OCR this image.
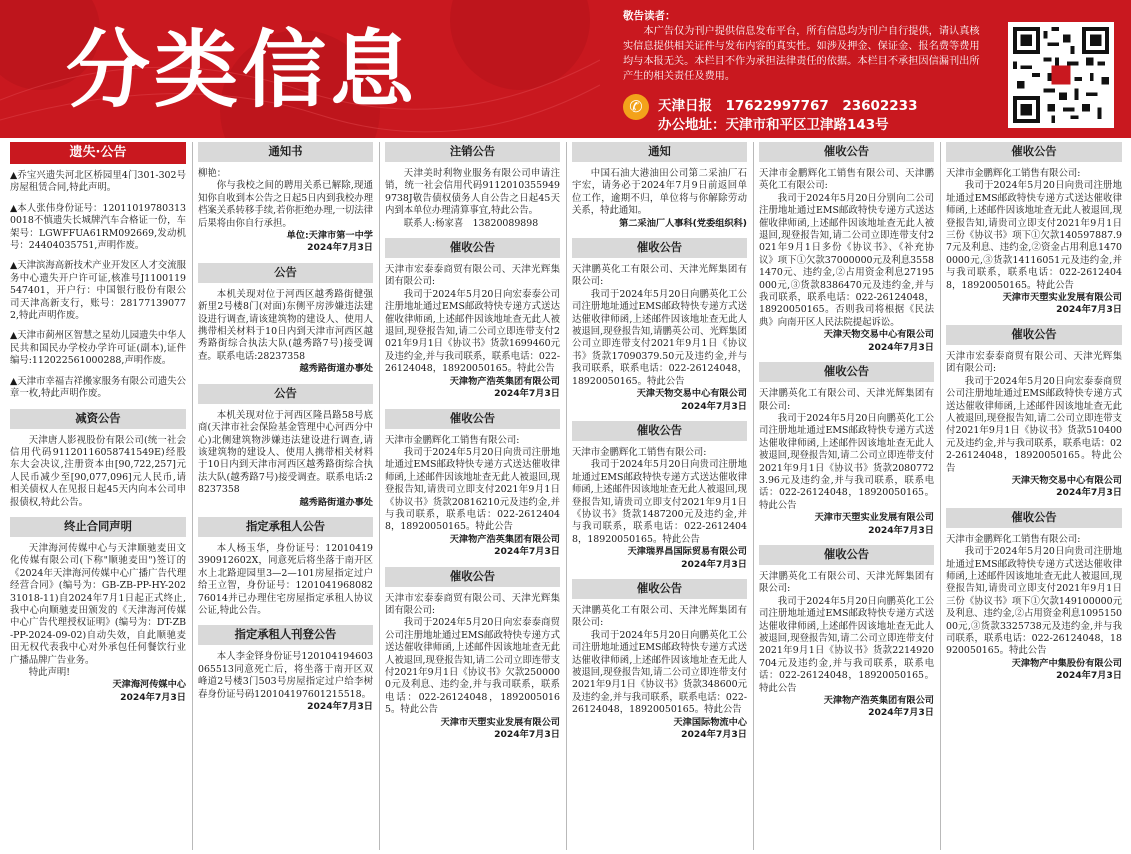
分类信息
敬告读者：
本广告仅为刊户提供信息发布平台，所有信息均为刊户自行提供，请认真核实信息提供相关证件与发布内容的真实性。如涉及押金、保证金、报名费等费用均与本报无关。本栏目不作为承担法律责任的依据。本栏目不承担因信漏刊出所产生的相关责任及费用。
✆	天津日报　17622997767　23602233
办公地址：天津市和平区卫津路143号
遗失·公告
▲乔宝兴遗失河北区桥园里4门301-302号房屋租赁合同,特此声明。
▲本人张伟身份证号：120110197803130018不慎遗失长城牌汽车合格证一份，车架号：LGWFFUA61RM092669,发动机号：24404035751,声明作废。
▲天津滨海高新技术产业开发区人才交流服务中心遗失开户许可证,核准号J1100119547401，开户行：中国银行股份有限公司天津高新支行，账号：281771390772,特此声明作废。
▲天津市蓟州区智慧之星幼儿园遗失中华人民共和国民办学校办学许可证(副本),证件编号:112022561000288,声明作废。
▲天津市幸福吉祥搬家服务有限公司遗失公章一枚,特此声明作废。
减资公告
天津唐人影视股份有限公司(统一社会信用代码91120116058741549E)经股东大会决议,注册资本由[90,722,257]元人民币减少至[90,077,096]元人民币,请相关债权人在见报日起45天内向本公司申报债权,特此公告。
终止合同声明
天津海河传媒中心与天津顺驰麦田文化传媒有限公司(下称"顺驰麦田")签订的《2024年天津海河传媒中心广播广告代理经营合同》(编号为：GB-ZB-PP-HY-20231018-11)自2024年7月1日起正式终止,我中心向顺驰麦田颁发的《天津海河传媒中心广告代理授权证明》(编号为：DT-ZB-PP-2024-09-02)自动失效，自此顺驰麦田无权代表我中心对外承包任何餐饮行业广播品牌广告业务。
特此声明!
天津海河传媒中心
2024年7月3日
通知书
柳艳：
你与我校之间的聘用关系已解除,现通知你自收到本公告之日起5日内到我校办理档案关系转移手续,若你拒绝办理,一切法律后果将由你自行承担。
单位:天津市第一中学
2024年7月3日
公告
本机关现对位于河西区越秀路街健强新里2号楼8门(对面)东侧平房涉嫌违法建设进行调查,请该建筑物的建设人、使用人携带相关材料于10日内到天津市河西区越秀路街综合执法大队(越秀路7号)接受调查。联系电话:28237358
越秀路街道办事处
公告
本机关现对位于河西区隆昌路58号底商(天津市社会保险基金管理中心河西分中心)北侧建筑物涉嫌违法建设进行调查,请该建筑物的建设人、使用人携带相关材料于10日内到天津市河西区越秀路街综合执法大队(越秀路7号)接受调查。联系电话:28237358
越秀路街道办事处
指定承租人公告
本人杨玉华，身份证号：120104193909126​02X，同意死后将坐落于南开区水上北路迎园里3—2—101房屋指定过户给王立智，身份证号：120104196808276014并已办理住宅房屋指定承租人协议公证,特此公告。
指定承租人刊登公告
本人李金铎身份证号120104194603065513同意死亡后，将坐落于南开区双峰道2号楼3门503号房屋指定过户给李树春身份证号码120104197601215518。
2024年7月3日
注销公告
天津美时利物业服务有限公司申请注销，统一社会信用代码91120103559499738J敬告债权债务人自公告之日起45天内到本单位办理清算事宜,特此公告。
联系人:杨家喜　13820089898
催收公告
天津市宏泰泰商贸有限公司、天津光辉集团有限公司:
我司于2024年5月20日向宏泰泰公司注册地址通过EMS邮政特快专递方式送达催收律师函,上述邮件因该地址查无此人被退回,现登报告知,请二公司立即连带支付2021年9月1日《协议书》货款1699460元及违约金,并与我司联系，联系电话：022-26124048，18920050165。特此公告
天津物产浩英集团有限公司
2024年7月3日
催收公告
天津市金鹏辉化工销售有限公司:
我司于2024年5月20日向贵司注册地址通过EMS邮政特快专递方式送达催收律师函,上述邮件因该地址查无此人被退回,现登报告知,请贵司立即支付2021年9月1日《协议书》货款20816210元及违约金,并与我司联系，联系电话：022-26124048，18920050165。特此公告
天津物产浩英集团有限公司
2024年7月3日
催收公告
天津市宏泰泰商贸有限公司、天津光辉集团有限公司:
我司于2024年5月20日向宏泰泰商贸公司注册地址通过EMS邮政特快专递方式送达催收律师函,上述邮件因该地址查无此人被退回,现登报告知,请二公司立即连带支付2021年9月1日《协议书》欠款2500000元及利息、违约金,并与我司联系，联系电话：022-26124048，18920050165。特此公告
天津市天塑实业发展有限公司
2024年7月3日
通知
中国石油大港油田公司第二采油厂石宇宏，请务必于2024年7月9日前返回单位工作，逾期不归，单位将与你解除劳动关系，特此通知。
第二采油厂人事科(党委组织科)
催收公告
天津鹏英化工有限公司、天津光辉集团有限公司:
我司于2024年5月20日向鹏英化工公司注册地址通过EMS邮政特快专递方式送达催收律师函,上述邮件因该地址查无此人被退回,现登报告知,请鹏英公司、光辉集团公司立即连带支付2021年9月1日《协议书》货款17090379.50元及违约金,并与我司联系，联系电话：022-26124048，18920050165。特此公告
天津天物交易中心有限公司
2024年7月3日
催收公告
天津市金鹏辉化工销售有限公司:
我司于2024年5月20日向贵司注册地址通过EMS邮政特快专递方式送达催收律师函,上述邮件因该地址查无此人被退回,现登报告知,请贵司立即支付2021年9月1日《协议书》货款1487200元及违约金,并与我司联系，联系电话：022-26124048，18920050165。特此公告
天津瑞界昌国际贸易有限公司
2024年7月3日
催收公告
天津鹏英化工有限公司、天津光辉集团有限公司:
我司于2024年5月20日向鹏英化工公司注册地址通过EMS邮政特快专递方式送达催收律师函,上述邮件因该地址查无此人被退回,现登报告知,请二公司立即连带支付2021年9月1日《协议书》货款348600元及违约金,并与我司联系，联系电话：022-26124048，18920050165。特此公告
天津国际物流中心
2024年7月3日
催收公告
天津市金鹏辉化工销售有限公司、天津鹏英化工有限公司:
我司于2024年5月20日分别向二公司注册地址通过EMS邮政特快专递方式送达催收律师函,上述邮件因该地址查无此人被退回,现登报告知,请二公司立即连带支付2021年9月1日多份《协议书》、《补充协议》项下①欠款37000000元及利息35581470元、违约金,②占用资金利息27195000元,③货款8386470元及违约金,并与我司联系，联系电话：022-26124048，18920050165。否则我司将根据《民法典》向南开区人民法院提起诉讼。
天津天物交易中心有限公司
2024年7月3日
催收公告
天津鹏英化工有限公司、天津光辉集团有限公司:
我司于2024年5月20日向鹏英化工公司注册地址通过EMS邮政特快专递方式送达催收律师函,上述邮件因该地址查无此人被退回,现登报告知,请二公司立即连带支付2021年9月1日《协议书》货款20807723.96元及违约金,并与我司联系，联系电话：022-26124048，18920050165。特此公告
天津市天塑实业发展有限公司
2024年7月3日
催收公告
天津鹏英化工有限公司、天津光辉集团有限公司:
我司于2024年5月20日向鹏英化工公司注册地址通过EMS邮政特快专递方式送达催收律师函,上述邮件因该地址查无此人被退回,现登报告知,请二公司立即连带支付2021年9月1日《协议书》货款2214920704元及违约金,并与我司联系，联系电话：022-26124048，18920050165。特此公告
天津物产浩英集团有限公司
2024年7月3日
催收公告
天津市金鹏辉化工销售有限公司:
我司于2024年5月20日向贵司注册地址通过EMS邮政特快专递方式送达催收律师函,上述邮件因该地址查无此人被退回,现登报告知,请贵司立即支付2021年9月1日三份《协议书》项下①欠款140597887.97元及利息、违约金,②资金占用利息14700000元,③货款14116051元及违约金,并与我司联系，联系电话：022-26124048，18920050165。特此公告
天津市天塑实业发展有限公司
2024年7月3日
催收公告
天津市宏泰泰商贸有限公司、天津光辉集团有限公司:
我司于2024年5月20日向宏泰泰商贸公司注册地址通过EMS邮政特快专递方式送达催收律师函,上述邮件因该地址查无此人被退回,现登报告知,请二公司立即连带支付2021年9月1日《协议书》货款510400元及违约金,并与我司联系，联系电话：022-26124048，18920050165。特此公告
天津天物交易中心有限公司
2024年7月3日
催收公告
天津市金鹏辉化工销售有限公司:
我司于2024年5月20日向贵司注册地址通过EMS邮政特快专递方式送达催收律师函,上述邮件因该地址查无此人被退回,现登报告知,请贵司立即支付2021年9月1日三份《协议书》项下①欠款149100000元及利息、违约金,②占用资金利息109515000元,③货款3325738元及违约金,并与我司联系，联系电话：022-26124048，18920050165。特此公告
天津物产中集股份有限公司
2024年7月3日
